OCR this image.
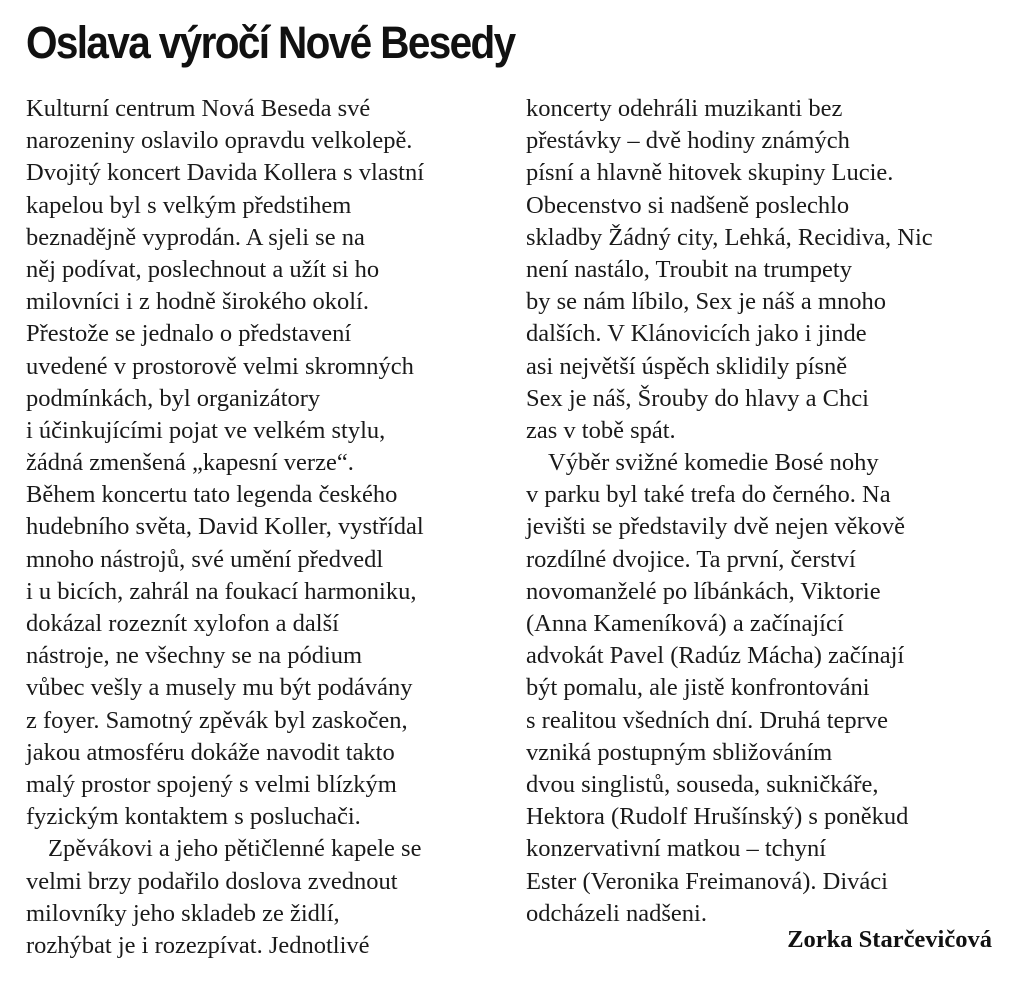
Oslava výročí Nové Besedy
Kulturní centrum Nová Beseda své
narozeniny oslavilo opravdu velkolepě.
Dvojitý koncert Davida Kollera s vlastní
kapelou byl s velkým předstihem
beznadějně vyprodán. A sjeli se na
něj podívat, poslechnout a užít si ho
milovníci i z hodně širokého okolí.
Přestože se jednalo o představení
uvedené v prostorově velmi skromných
podmínkách, byl organizátory
i účinkujícími pojat ve velkém stylu,
žádná zmenšená „kapesní verze“.
Během koncertu tato legenda českého
hudebního světa, David Koller, vystřídal
mnoho nástrojů, své umění předvedl
i u bicích, zahrál na foukací harmoniku,
dokázal rozeznít xylofon a další
nástroje, ne všechny se na pódium
vůbec vešly a musely mu být podávány
z foyer. Samotný zpěvák byl zaskočen,
jakou atmosféru dokáže navodit takto
malý prostor spojený s velmi blízkým
fyzickým kontaktem s posluchači.
Zpěvákovi a jeho pětičlenné kapele se
velmi brzy podařilo doslova zvednout
milovníky jeho skladeb ze židlí,
rozhýbat je i rozezpívat. Jednotlivé
koncerty odehráli muzikanti bez
přestávky – dvě hodiny známých
písní a hlavně hitovek skupiny Lucie.
Obecenstvo si nadšeně poslechlo
skladby Žádný city, Lehká, Recidiva, Nic
není nastálo, Troubit na trumpety
by se nám líbilo, Sex je náš a mnoho
dalších. V Klánovicích jako i jinde
asi největší úspěch sklidily písně
Sex je náš, Šrouby do hlavy a Chci
zas v tobě spát.
Výběr svižné komedie Bosé nohy
v parku byl také trefa do černého. Na
jevišti se představily dvě nejen věkově
rozdílné dvojice. Ta první, čerství
novomanželé po líbánkách, Viktorie
(Anna Kameníková) a začínající
advokát Pavel (Radúz Mácha) začínají
být pomalu, ale jistě konfrontováni
s realitou všedních dní. Druhá teprve
vzniká postupným sbližováním
dvou singlistů, souseda, sukničkáře,
Hektora (Rudolf Hrušínský) s poněkud
konzervativní matkou – tchyní
Ester (Veronika Freimanová). Diváci
odcházeli nadšeni.
Zorka Starčevičová
